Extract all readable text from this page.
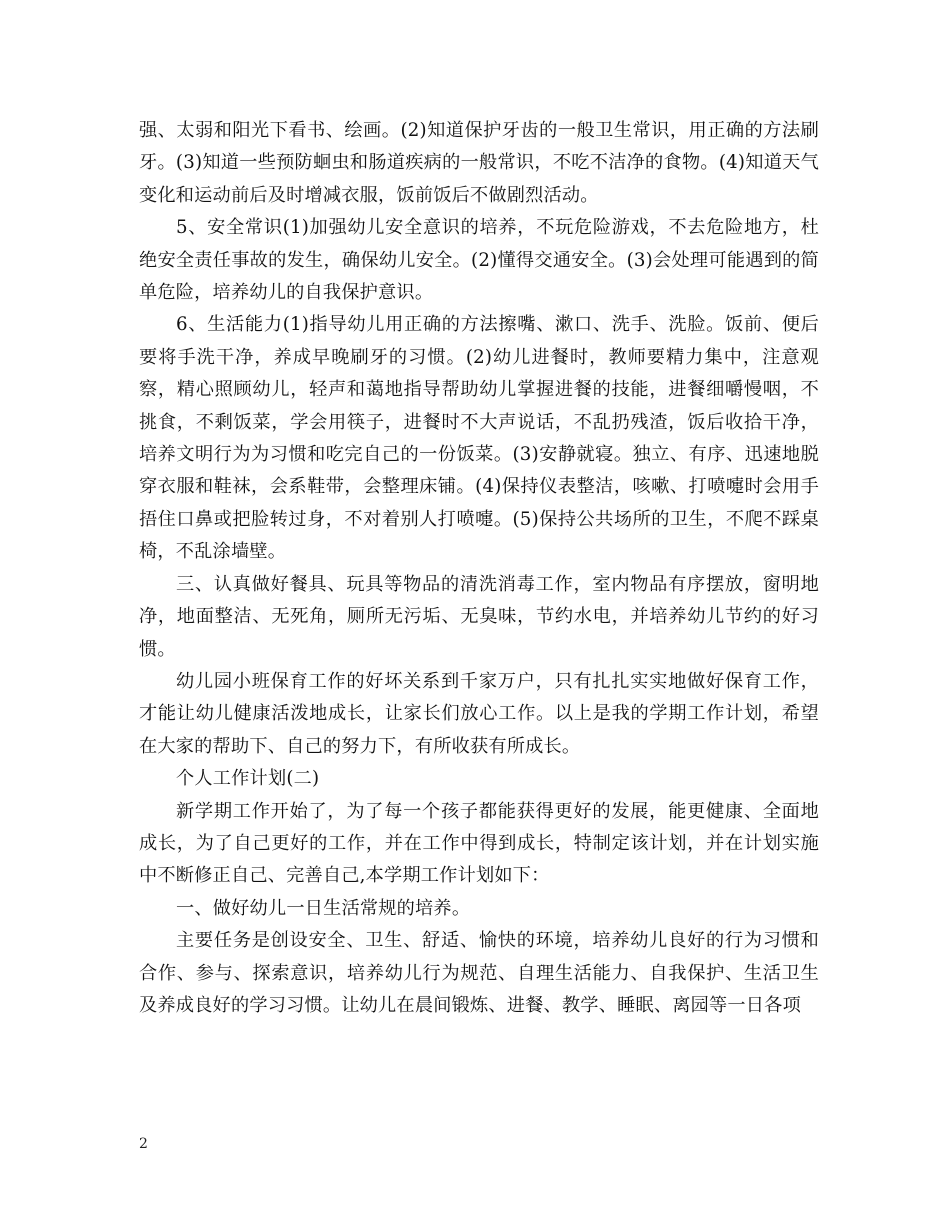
强、太弱和阳光下看书、绘画。(2)知道保护牙齿的一般卫生常识，用正确的方法刷牙。(3)知道一些预防蛔虫和肠道疾病的一般常识，不吃不洁净的食物。(4)知道天气变化和运动前后及时增减衣服，饭前饭后不做剧烈活动。

5、安全常识(1)加强幼儿安全意识的培养，不玩危险游戏，不去危险地方，杜绝安全责任事故的发生，确保幼儿安全。(2)懂得交通安全。(3)会处理可能遇到的简单危险，培养幼儿的自我保护意识。

6、生活能力(1)指导幼儿用正确的方法擦嘴、漱口、洗手、洗脸。饭前、便后要将手洗干净，养成早晚刷牙的习惯。(2)幼儿进餐时，教师要精力集中，注意观察，精心照顾幼儿，轻声和蔼地指导帮助幼儿掌握进餐的技能，进餐细嚼慢咽，不挑食，不剩饭菜，学会用筷子，进餐时不大声说话，不乱扔残渣，饭后收拾干净，培养文明行为为习惯和吃完自己的一份饭菜。(3)安静就寝。独立、有序、迅速地脱穿衣服和鞋袜，会系鞋带，会整理床铺。(4)保持仪表整洁，咳嗽、打喷嚏时会用手捂住口鼻或把脸转过身，不对着别人打喷嚏。(5)保持公共场所的卫生，不爬不踩桌椅，不乱涂墙壁。

三、认真做好餐具、玩具等物品的清洗消毒工作，室内物品有序摆放，窗明地净，地面整洁、无死角，厕所无污垢、无臭味，节约水电，并培养幼儿节约的好习惯。

幼儿园小班保育工作的好坏关系到千家万户，只有扎扎实实地做好保育工作，才能让幼儿健康活泼地成长，让家长们放心工作。以上是我的学期工作计划，希望在大家的帮助下、自己的努力下，有所收获有所成长。

个人工作计划(二)

新学期工作开始了，为了每一个孩子都能获得更好的发展，能更健康、全面地成长，为了自己更好的工作，并在工作中得到成长，特制定该计划，并在计划实施中不断修正自己、完善自己,本学期工作计划如下：

一、做好幼儿一日生活常规的培养。

主要任务是创设安全、卫生、舒适、愉快的环境，培养幼儿良好的行为习惯和合作、参与、探索意识，培养幼儿行为规范、自理生活能力、自我保护、生活卫生及养成良好的学习习惯。让幼儿在晨间锻炼、进餐、教学、睡眠、离园等一日各项

2
